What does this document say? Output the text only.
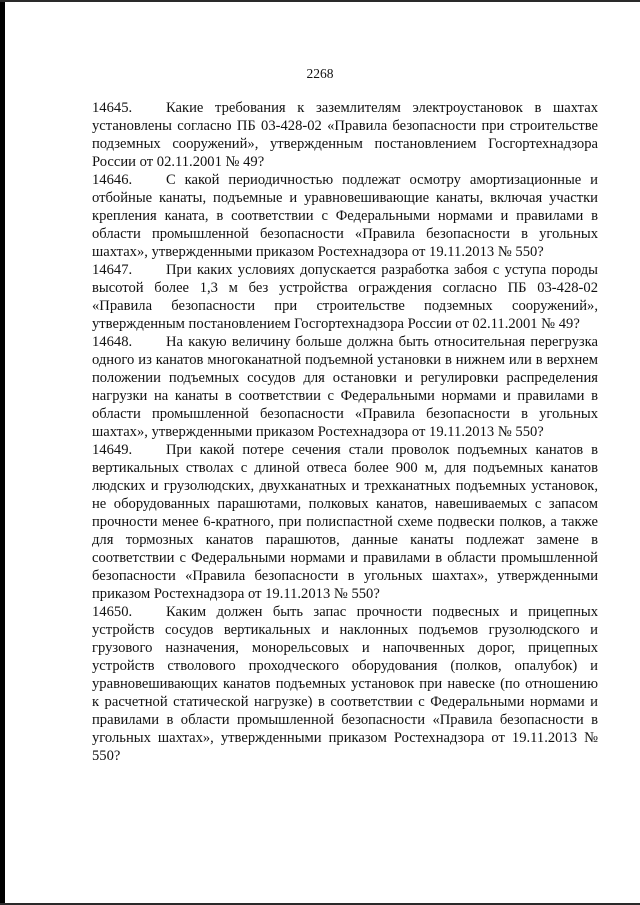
2268

14645. Какие требования к заземлителям электроустановок в шахтах установлены согласно ПБ 03-428-02 «Правила безопасности при строительстве подземных сооружений», утвержденным постановлением Госгортехнадзора России от 02.11.2001 № 49?

14646. С какой периодичностью подлежат осмотру амортизационные и отбойные канаты, подъемные и уравновешивающие канаты, включая участки крепления каната, в соответствии с Федеральными нормами и правилами в области промышленной безопасности «Правила безопасности в угольных шахтах», утвержденными приказом Ростехнадзора от 19.11.2013 № 550?

14647. При каких условиях допускается разработка забоя с уступа породы высотой более 1,3 м без устройства ограждения согласно ПБ 03-428-02 «Правила безопасности при строительстве подземных сооружений», утвержденным постановлением Госгортехнадзора России от 02.11.2001 № 49?

14648. На какую величину больше должна быть относительная перегрузка одного из канатов многоканатной подъемной установки в нижнем или в верхнем положении подъемных сосудов для остановки и регулировки распределения нагрузки на канаты в соответствии с Федеральными нормами и правилами в области промышленной безопасности «Правила безопасности в угольных шахтах», утвержденными приказом Ростехнадзора от 19.11.2013 № 550?

14649. При какой потере сечения стали проволок подъемных канатов в вертикальных стволах с длиной отвеса более 900 м, для подъемных канатов людских и грузолюдских, двухканатных и трехканатных подъемных установок, не оборудованных парашютами, полковых канатов, навешиваемых с запасом прочности менее 6-кратного, при полиспастной схеме подвески полков, а также для тормозных канатов парашютов, данные канаты подлежат замене в соответствии с Федеральными нормами и правилами в области промышленной безопасности «Правила безопасности в угольных шахтах», утвержденными приказом Ростехнадзора от 19.11.2013 № 550?

14650. Каким должен быть запас прочности подвесных и прицепных устройств сосудов вертикальных и наклонных подъемов грузолюдского и грузового назначения, монорельсовых и напочвенных дорог, прицепных устройств стволового проходческого оборудования (полков, опалубок) и уравновешивающих канатов подъемных установок при навеске (по отношению к расчетной статической нагрузке) в соответствии с Федеральными нормами и правилами в области промышленной безопасности «Правила безопасности в угольных шахтах», утвержденными приказом Ростехнадзора от 19.11.2013 № 550?
